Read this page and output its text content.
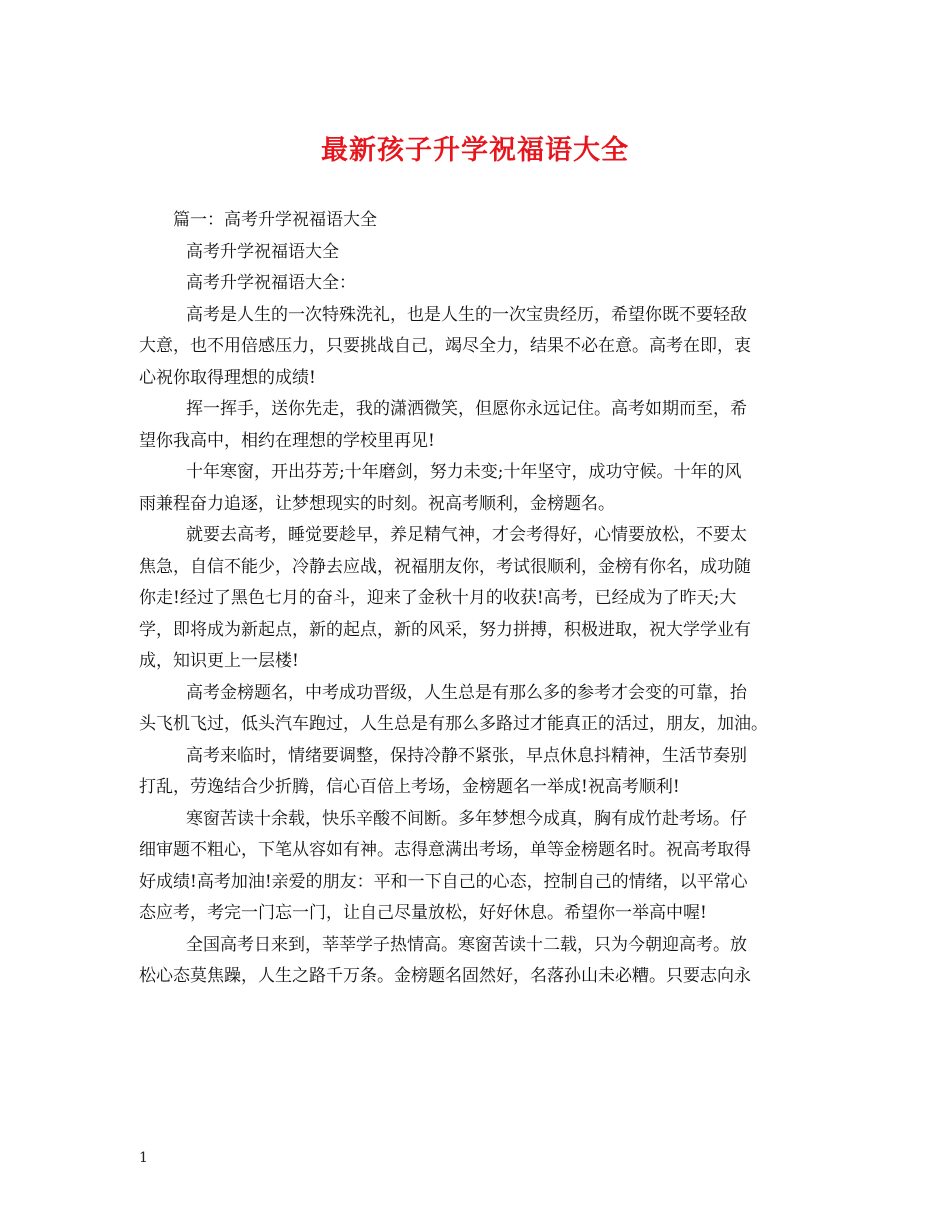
最新孩子升学祝福语大全
篇一：高考升学祝福语大全
高考升学祝福语大全
高考升学祝福语大全：
高考是人生的一次特殊洗礼，也是人生的一次宝贵经历，希望你既不要轻敌
大意，也不用倍感压力，只要挑战自己，竭尽全力，结果不必在意。高考在即，衷
心祝你取得理想的成绩!
挥一挥手，送你先走，我的潇洒微笑，但愿你永远记住。高考如期而至，希
望你我高中，相约在理想的学校里再见!
十年寒窗，开出芬芳;十年磨剑，努力未变;十年坚守，成功守候。十年的风
雨兼程奋力追逐，让梦想现实的时刻。祝高考顺利，金榜题名。
就要去高考，睡觉要趁早，养足精气神，才会考得好，心情要放松，不要太
焦急，自信不能少，冷静去应战，祝福朋友你，考试很顺利，金榜有你名，成功随
你走!经过了黑色七月的奋斗，迎来了金秋十月的收获!高考，已经成为了昨天;大
学，即将成为新起点，新的起点，新的风采，努力拼搏，积极进取，祝大学学业有
成，知识更上一层楼!
高考金榜题名，中考成功晋级，人生总是有那么多的参考才会变的可靠，抬
头飞机飞过，低头汽车跑过，人生总是有那么多路过才能真正的活过，朋友，加油。
高考来临时，情绪要调整，保持冷静不紧张，早点休息抖精神，生活节奏别
打乱，劳逸结合少折腾，信心百倍上考场，金榜题名一举成!祝高考顺利!
寒窗苦读十余载，快乐辛酸不间断。多年梦想今成真，胸有成竹赴考场。仔
细审题不粗心，下笔从容如有神。志得意满出考场，单等金榜题名时。祝高考取得
好成绩!高考加油!亲爱的朋友：平和一下自己的心态，控制自己的情绪，以平常心
态应考，考完一门忘一门，让自己尽量放松，好好休息。希望你一举高中喔!
全国高考日来到，莘莘学子热情高。寒窗苦读十二载，只为今朝迎高考。放
松心态莫焦躁，人生之路千万条。金榜题名固然好，名落孙山未必糟。只要志向永
1
